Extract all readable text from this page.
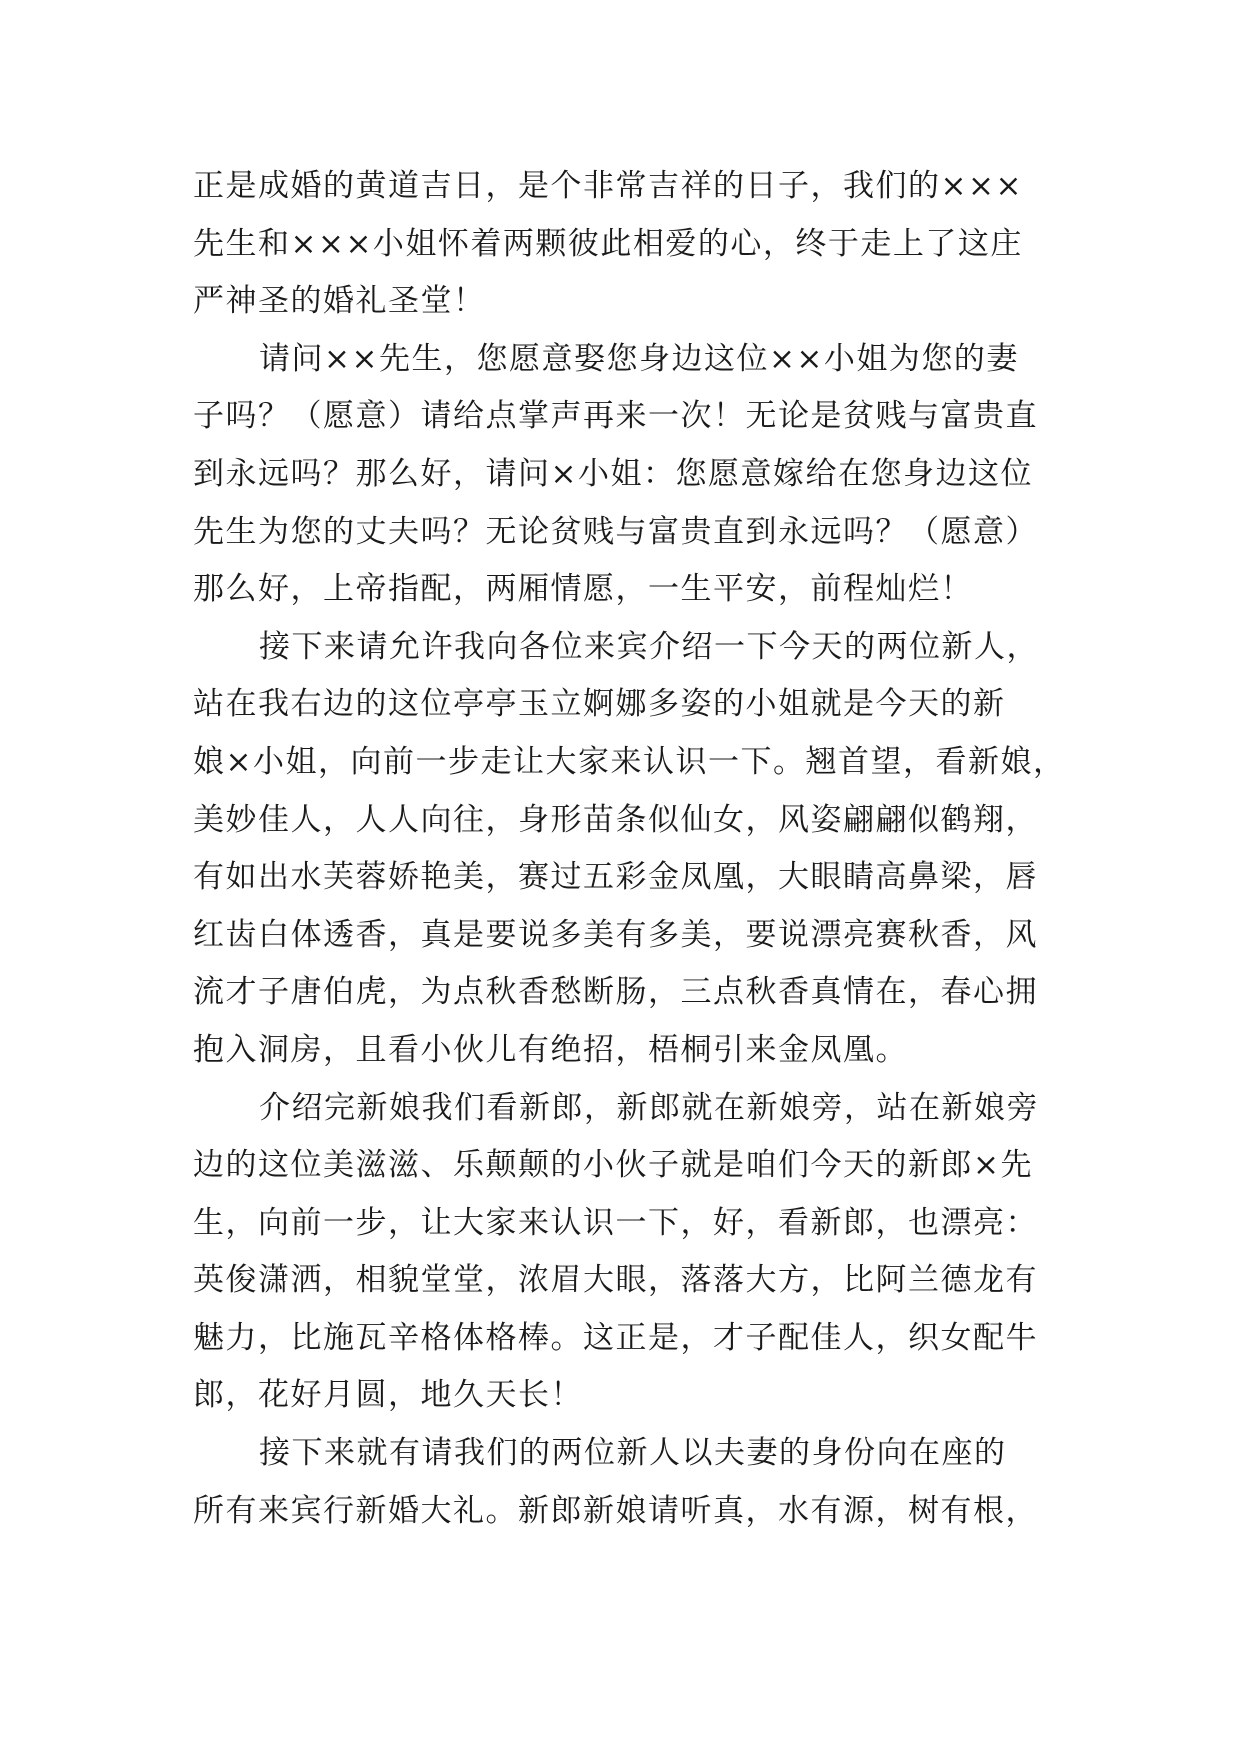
正是成婚的黄道吉日，是个非常吉祥的日子，我们的×××
先生和×××小姐怀着两颗彼此相爱的心，终于走上了这庄
严神圣的婚礼圣堂！
请问××先生，您愿意娶您身边这位××小姐为您的妻
子吗？（愿意）请给点掌声再来一次！无论是贫贱与富贵直
到永远吗？那么好，请问×小姐：您愿意嫁给在您身边这位
先生为您的丈夫吗？无论贫贱与富贵直到永远吗？（愿意）
那么好，上帝指配，两厢情愿，一生平安，前程灿烂！
接下来请允许我向各位来宾介绍一下今天的两位新人，
站在我右边的这位亭亭玉立婀娜多姿的小姐就是今天的新
娘×小姐，向前一步走让大家来认识一下。翘首望，看新娘，
美妙佳人，人人向往，身形苗条似仙女，风姿翩翩似鹤翔，
有如出水芙蓉娇艳美，赛过五彩金凤凰，大眼睛高鼻梁，唇
红齿白体透香，真是要说多美有多美，要说漂亮赛秋香，风
流才子唐伯虎，为点秋香愁断肠，三点秋香真情在，春心拥
抱入洞房，且看小伙儿有绝招，梧桐引来金凤凰。
介绍完新娘我们看新郎，新郎就在新娘旁，站在新娘旁
边的这位美滋滋、乐颠颠的小伙子就是咱们今天的新郎×先
生，向前一步，让大家来认识一下，好，看新郎，也漂亮：
英俊潇洒，相貌堂堂，浓眉大眼，落落大方，比阿兰德龙有
魅力，比施瓦辛格体格棒。这正是，才子配佳人，织女配牛
郎，花好月圆，地久天长！
接下来就有请我们的两位新人以夫妻的身份向在座的
所有来宾行新婚大礼。新郎新娘请听真，水有源，树有根，
